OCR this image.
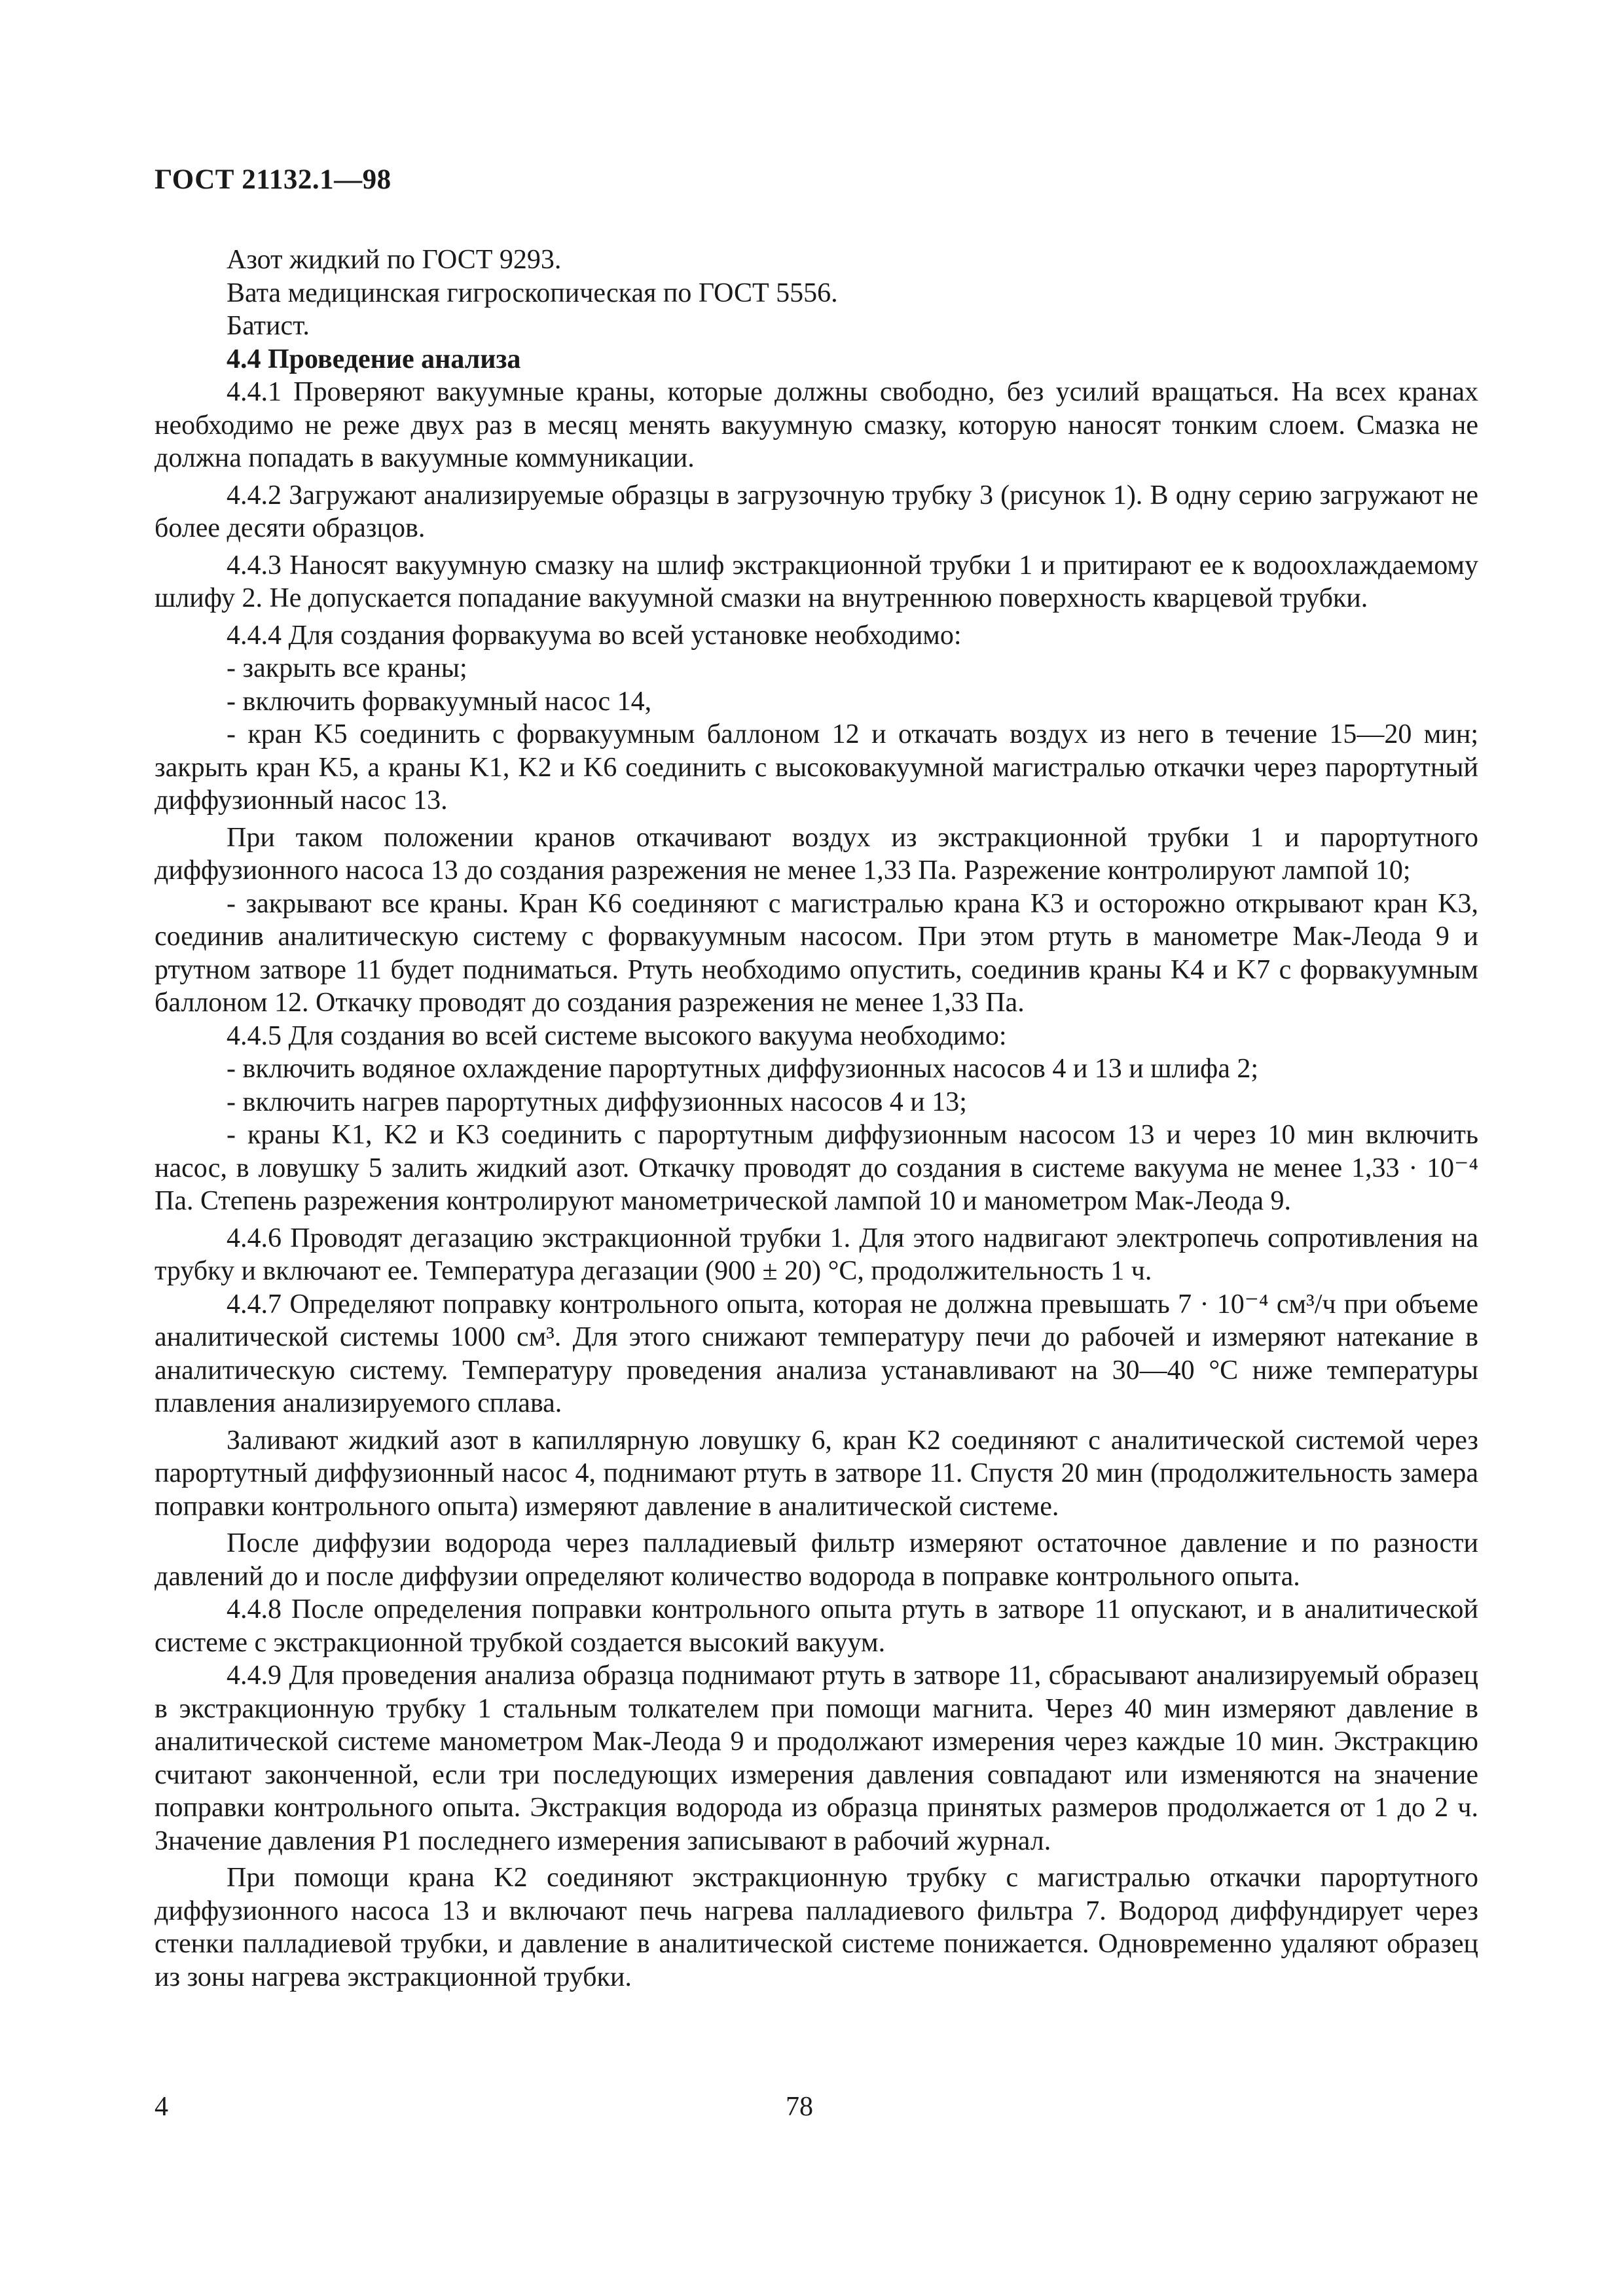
ГОСТ 21132.1—98

Азот жидкий по ГОСТ 9293.

Вата медицинская гигроскопическая по ГОСТ 5556.

Батист.

4.4 Проведение анализа

4.4.1 Проверяют вакуумные краны, которые должны свободно, без усилий вращаться. На всех кранах необходимо не реже двух раз в месяц менять вакуумную смазку, которую наносят тонким слоем. Смазка не должна попадать в вакуумные коммуникации.

4.4.2 Загружают анализируемые образцы в загрузочную трубку 3 (рисунок 1). В одну серию загружают не более десяти образцов.

4.4.3 Наносят вакуумную смазку на шлиф экстракционной трубки 1 и притирают ее к водоохлаждаемому шлифу 2. Не допускается попадание вакуумной смазки на внутреннюю поверхность кварцевой трубки.

4.4.4 Для создания форвакуума во всей установке необходимо:

- закрыть все краны;

- включить форвакуумный насос 14,

- кран K5 соединить с форвакуумным баллоном 12 и откачать воздух из него в течение 15—20 мин; закрыть кран K5, а краны K1, K2 и K6 соединить с высоковакуумной магистралью откачки через парортутный диффузионный насос 13.

При таком положении кранов откачивают воздух из экстракционной трубки 1 и парортутного диффузионного насоса 13 до создания разрежения не менее 1,33 Па. Разрежение контролируют лампой 10;

- закрывают все краны. Кран K6 соединяют с магистралью крана K3 и осторожно открывают кран K3, соединив аналитическую систему с форвакуумным насосом. При этом ртуть в манометре Мак-Леода 9 и ртутном затворе 11 будет подниматься. Ртуть необходимо опустить, соединив краны K4 и K7 с форвакуумным баллоном 12. Откачку проводят до создания разрежения не менее 1,33 Па.

4.4.5 Для создания во всей системе высокого вакуума необходимо:

- включить водяное охлаждение парортутных диффузионных насосов 4 и 13 и шлифа 2;

- включить нагрев парортутных диффузионных насосов 4 и 13;

- краны K1, K2 и K3 соединить с парортутным диффузионным насосом 13 и через 10 мин включить насос, в ловушку 5 залить жидкий азот. Откачку проводят до создания в системе вакуума не менее 1,33 · 10⁻⁴ Па. Степень разрежения контролируют манометрической лампой 10 и манометром Мак-Леода 9.

4.4.6 Проводят дегазацию экстракционной трубки 1. Для этого надвигают электропечь сопротивления на трубку и включают ее. Температура дегазации (900 ± 20) °С, продолжительность 1 ч.

4.4.7 Определяют поправку контрольного опыта, которая не должна превышать 7 · 10⁻⁴ см³/ч при объеме аналитической системы 1000 см³. Для этого снижают температуру печи до рабочей и измеряют натекание в аналитическую систему. Температуру проведения анализа устанавливают на 30—40 °С ниже температуры плавления анализируемого сплава.

Заливают жидкий азот в капиллярную ловушку 6, кран K2 соединяют с аналитической системой через парортутный диффузионный насос 4, поднимают ртуть в затворе 11. Спустя 20 мин (продолжительность замера поправки контрольного опыта) измеряют давление в аналитической системе.

После диффузии водорода через палладиевый фильтр измеряют остаточное давление и по разности давлений до и после диффузии определяют количество водорода в поправке контрольного опыта.

4.4.8 После определения поправки контрольного опыта ртуть в затворе 11 опускают, и в аналитической системе с экстракционной трубкой создается высокий вакуум.

4.4.9 Для проведения анализа образца поднимают ртуть в затворе 11, сбрасывают анализируемый образец в экстракционную трубку 1 стальным толкателем при помощи магнита. Через 40 мин измеряют давление в аналитической системе манометром Мак-Леода 9 и продолжают измерения через каждые 10 мин. Экстракцию считают законченной, если три последующих измерения давления совпадают или изменяются на значение поправки контрольного опыта. Экстракция водорода из образца принятых размеров продолжается от 1 до 2 ч. Значение давления P1 последнего измерения записывают в рабочий журнал.

При помощи крана K2 соединяют экстракционную трубку с магистралью откачки парортутного диффузионного насоса 13 и включают печь нагрева палладиевого фильтра 7. Водород диффундирует через стенки палладиевой трубки, и давление в аналитической системе понижается. Одновременно удаляют образец из зоны нагрева экстракционной трубки.

4	78
